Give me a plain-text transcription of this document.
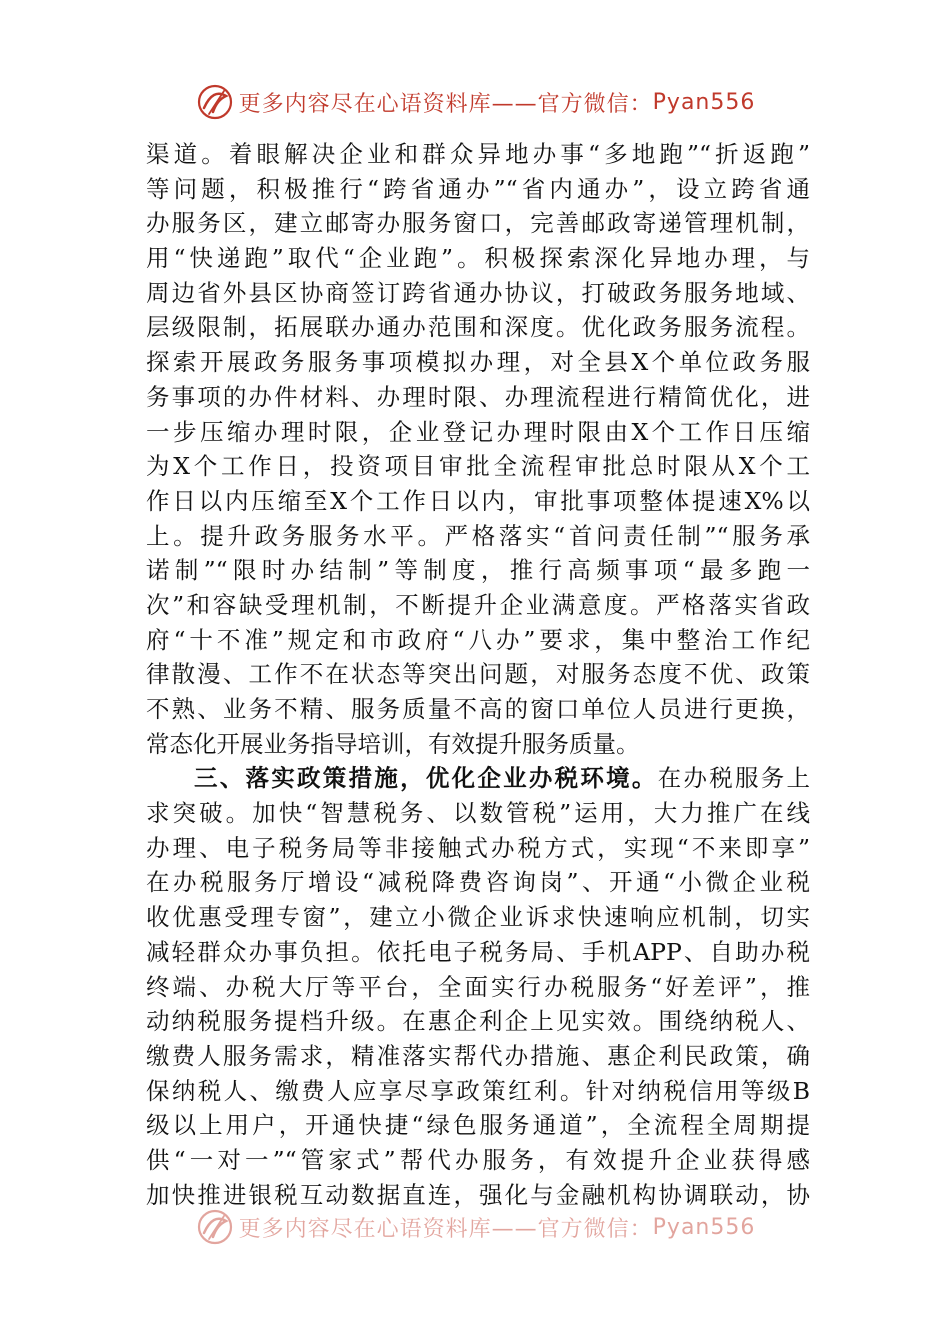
更多内容尽在心语资料库——官方微信： Pyan556
渠道。着眼解决企业和群众异地办事“多地跑”“折返跑”
等问题，积极推行“跨省通办”“省内通办”，设立跨省通
办服务区，建立邮寄办服务窗口，完善邮政寄递管理机制，
用“快递跑”取代“企业跑”。积极探索深化异地办理，与
周边省外县区协商签订跨省通办协议，打破政务服务地域、
层级限制，拓展联办通办范围和深度。优化政务服务流程。
探索开展政务服务事项模拟办理，对全县X个单位政务服
务事项的办件材料、办理时限、办理流程进行精简优化，进
一步压缩办理时限，企业登记办理时限由X个工作日压缩
为X个工作日，投资项目审批全流程审批总时限从X个工
作日以内压缩至X个工作日以内，审批事项整体提速X%以
上。提升政务服务水平。严格落实“首问责任制”“服务承
诺制”“限时办结制”等制度，推行高频事项“最多跑一
次”和容缺受理机制，不断提升企业满意度。严格落实省政
府“十不准”规定和市政府“八办”要求，集中整治工作纪
律散漫、工作不在状态等突出问题，对服务态度不优、政策
不熟、业务不精、服务质量不高的窗口单位人员进行更换，
常态化开展业务指导培训，有效提升服务质量。
三、落实政策措施，优化企业办税环境。在办税服务上
求突破。加快“智慧税务、以数管税”运用，大力推广在线
办理、电子税务局等非接触式办税方式，实现“不来即享”
在办税服务厅增设“减税降费咨询岗”、开通“小微企业税
收优惠受理专窗”，建立小微企业诉求快速响应机制，切实
减轻群众办事负担。依托电子税务局、手机APP、自助办税
终端、办税大厅等平台，全面实行办税服务“好差评”，推
动纳税服务提档升级。在惠企利企上见实效。围绕纳税人、
缴费人服务需求，精准落实帮代办措施、惠企利民政策，确
保纳税人、缴费人应享尽享政策红利。针对纳税信用等级B
级以上用户，开通快捷“绿色服务通道”，全流程全周期提
供“一对一”“管家式”帮代办服务，有效提升企业获得感
加快推进银税互动数据直连，强化与金融机构协调联动，协
更多内容尽在心语资料库——官方微信： Pyan556
